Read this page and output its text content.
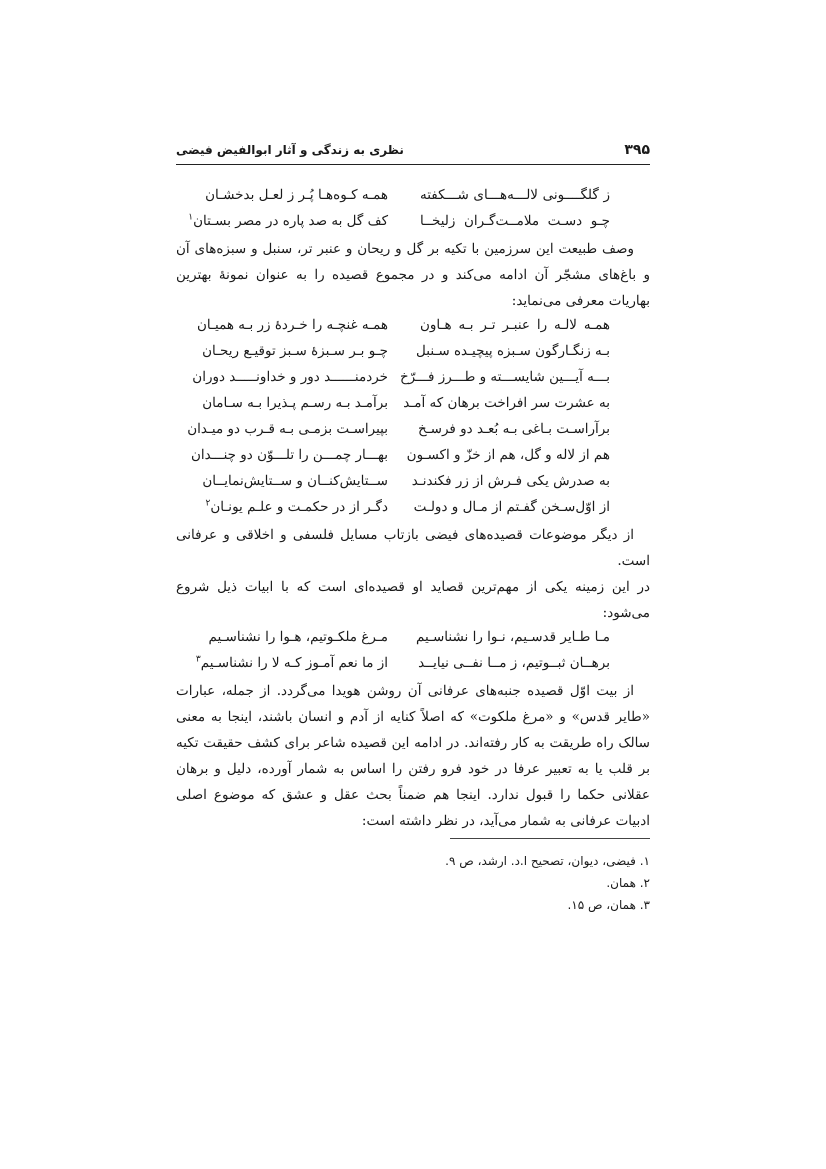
۳۹۵
نظری به زندگی و آثار ابوالفیض فیضی
ز گلگــــونی لالـــه‌هـــای شـــکفته
همـه کـوه‌هـا پُـر ز لعـل بدخشـان
چـو دسـت ملامــت‌گـران زلیخــا
کف گل به صد پاره در مصر بسـتان$^۱$

وصف طبیعت این سرزمین با تکیه بر گل و ریحان و عنبر تر، سنبل و سبزه‌های آن و باغ‌های مشجّر آن ادامه می‌کند و در مجموع قصیده را به عنوان نمونهٔ بهترین بهاریات معرفی می‌نماید:

همـه لالـه را عنبـر تـر بـه هـاون
همـه غنچـه را خـردهٔ زر بـه همیـان
بـه زنگـارگون سـبزه پیچیـده سـنبل
چـو بـر سـبزهٔ سـبز توقیـع ریحـان
بـــه آیـــین شایســـته و طـــرز فـــرّخ
خردمنــــــد دور و خداونـــــد دوران
به عشرت سر افراخت برهان که آمـد
برآمـد بـه رسـم پـذیرا بـه سـامان
برآراسـت بـاغی بـه بُعـد دو فرسـخ
بپیراسـت بزمـی بـه قـرب دو میـدان
هم از لاله و گل، هم از خزّ و اکسـون
بهـــار چمـــن را تلـــوّن دو چنـــدان
به صدرش یکی فـرش از زر فکندنـد
ســتایش‌کنــان و ســتایش‌نمایــان
از اوّل‌سـخن گفـتم از مـال و دولـت
دگـر از در حکمـت و علـم یونـان$^۲$

از دیگر موضوعات قصیده‌های فیضی بازتاب مسایل فلسفی و اخلاقی و عرفانی است.

در این زمینه یکی از مهم‌ترین قصاید او قصیده‌ای است که با ابیات ذیل شروع می‌شود:

مـا طـایر قدسـیم، نـوا را نشناسـیم
مـرغ ملکـوتیم، هـوا را نشناسـیم
برهــان ثبــوتیم، ز مــا نفــی نیایــد
از ما نعم آمـوز کـه لا را نشناسـیم$^۳$

از بیت اوّل قصیده جنبه‌های عرفانی آن روشن هویدا می‌گردد. از جمله، عبارات «طایر قدس» و «مرغ ملکوت» که اصلاً کنایه از آدم و انسان باشند، اینجا به معنی سالک راه طریقت به کار رفته‌اند. در ادامه این قصیده شاعر برای کشف حقیقت تکیه بر قلب یا به تعبیر عرفا در خود فرو رفتن را اساس به شمار آورده، دلیل و برهان عقلانی حکما را قبول ندارد. اینجا هم ضمناً بحث عقل و عشق که موضوع اصلی ادبیات عرفانی به شمار می‌آید، در نظر داشته است:

۱. فیضی، دیوان، تصحیح ا.د. ارشد، ص ۹.
۲. همان.
۳. همان، ص ۱۵.
